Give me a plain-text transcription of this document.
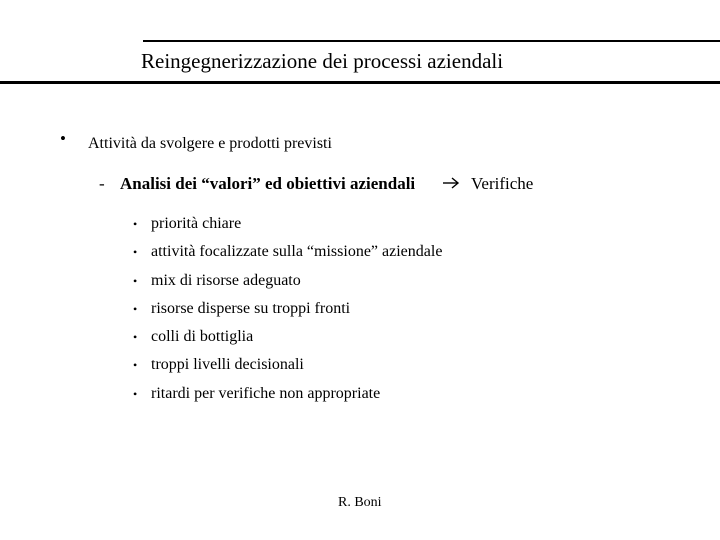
Reingegnerizzazione dei processi aziendali
• Attività da svolgere e prodotti previsti
- Analisi dei “valori” ed obiettivi aziendali	Verifiche
• priorità chiare
• attività focalizzate sulla “missione” aziendale
• mix di risorse adeguato
• risorse disperse su troppi fronti
• colli di bottiglia
• troppi livelli decisionali
• ritardi per verifiche non appropriate
R. Boni
